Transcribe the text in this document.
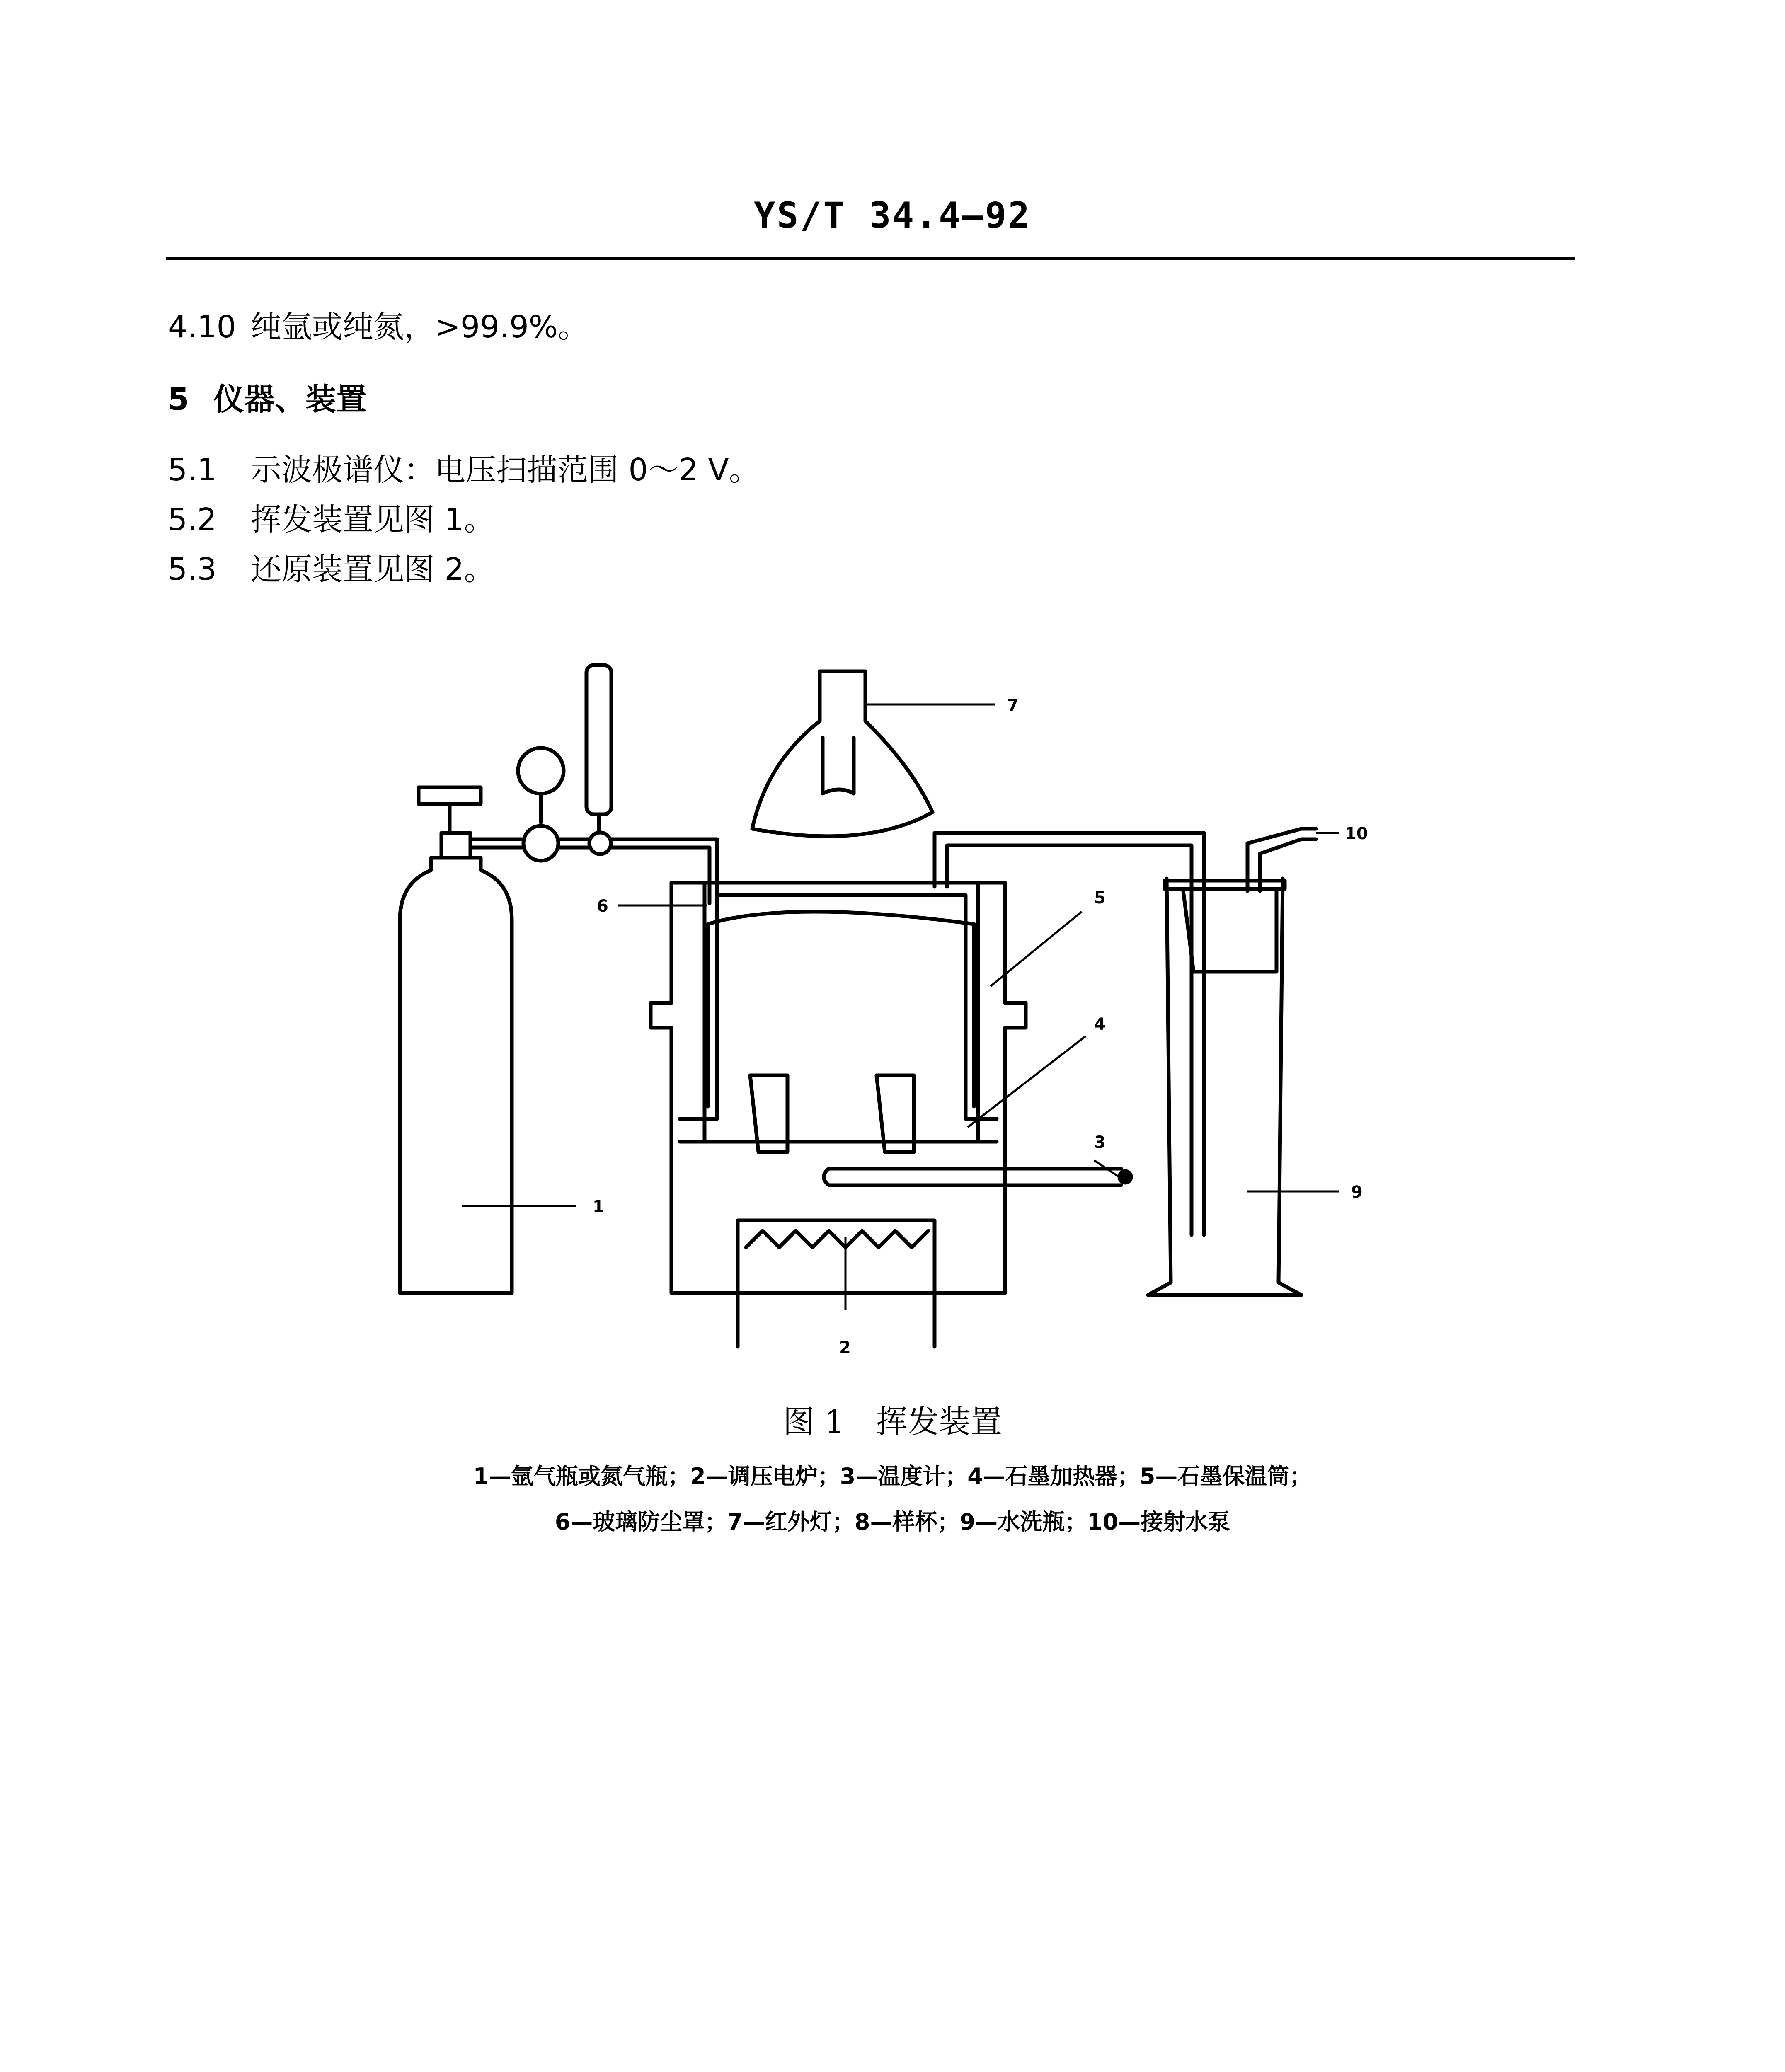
YS/T 34.4—92
4.10 纯氩或纯氮，>99.9%。
5 仪器、装置
5.1 示波极谱仪：电压扫描范围 0～2 V。
5.2 挥发装置见图 1。
5.3 还原装置见图 2。
1
2
3
4
5
6
7
9
10
图 1　挥发装置
1—氩气瓶或氮气瓶；2—调压电炉；3—温度计；4—石墨加热器；5—石墨保温筒；
6—玻璃防尘罩；7—红外灯；8—样杯；9—水洗瓶；10—接射水泵
